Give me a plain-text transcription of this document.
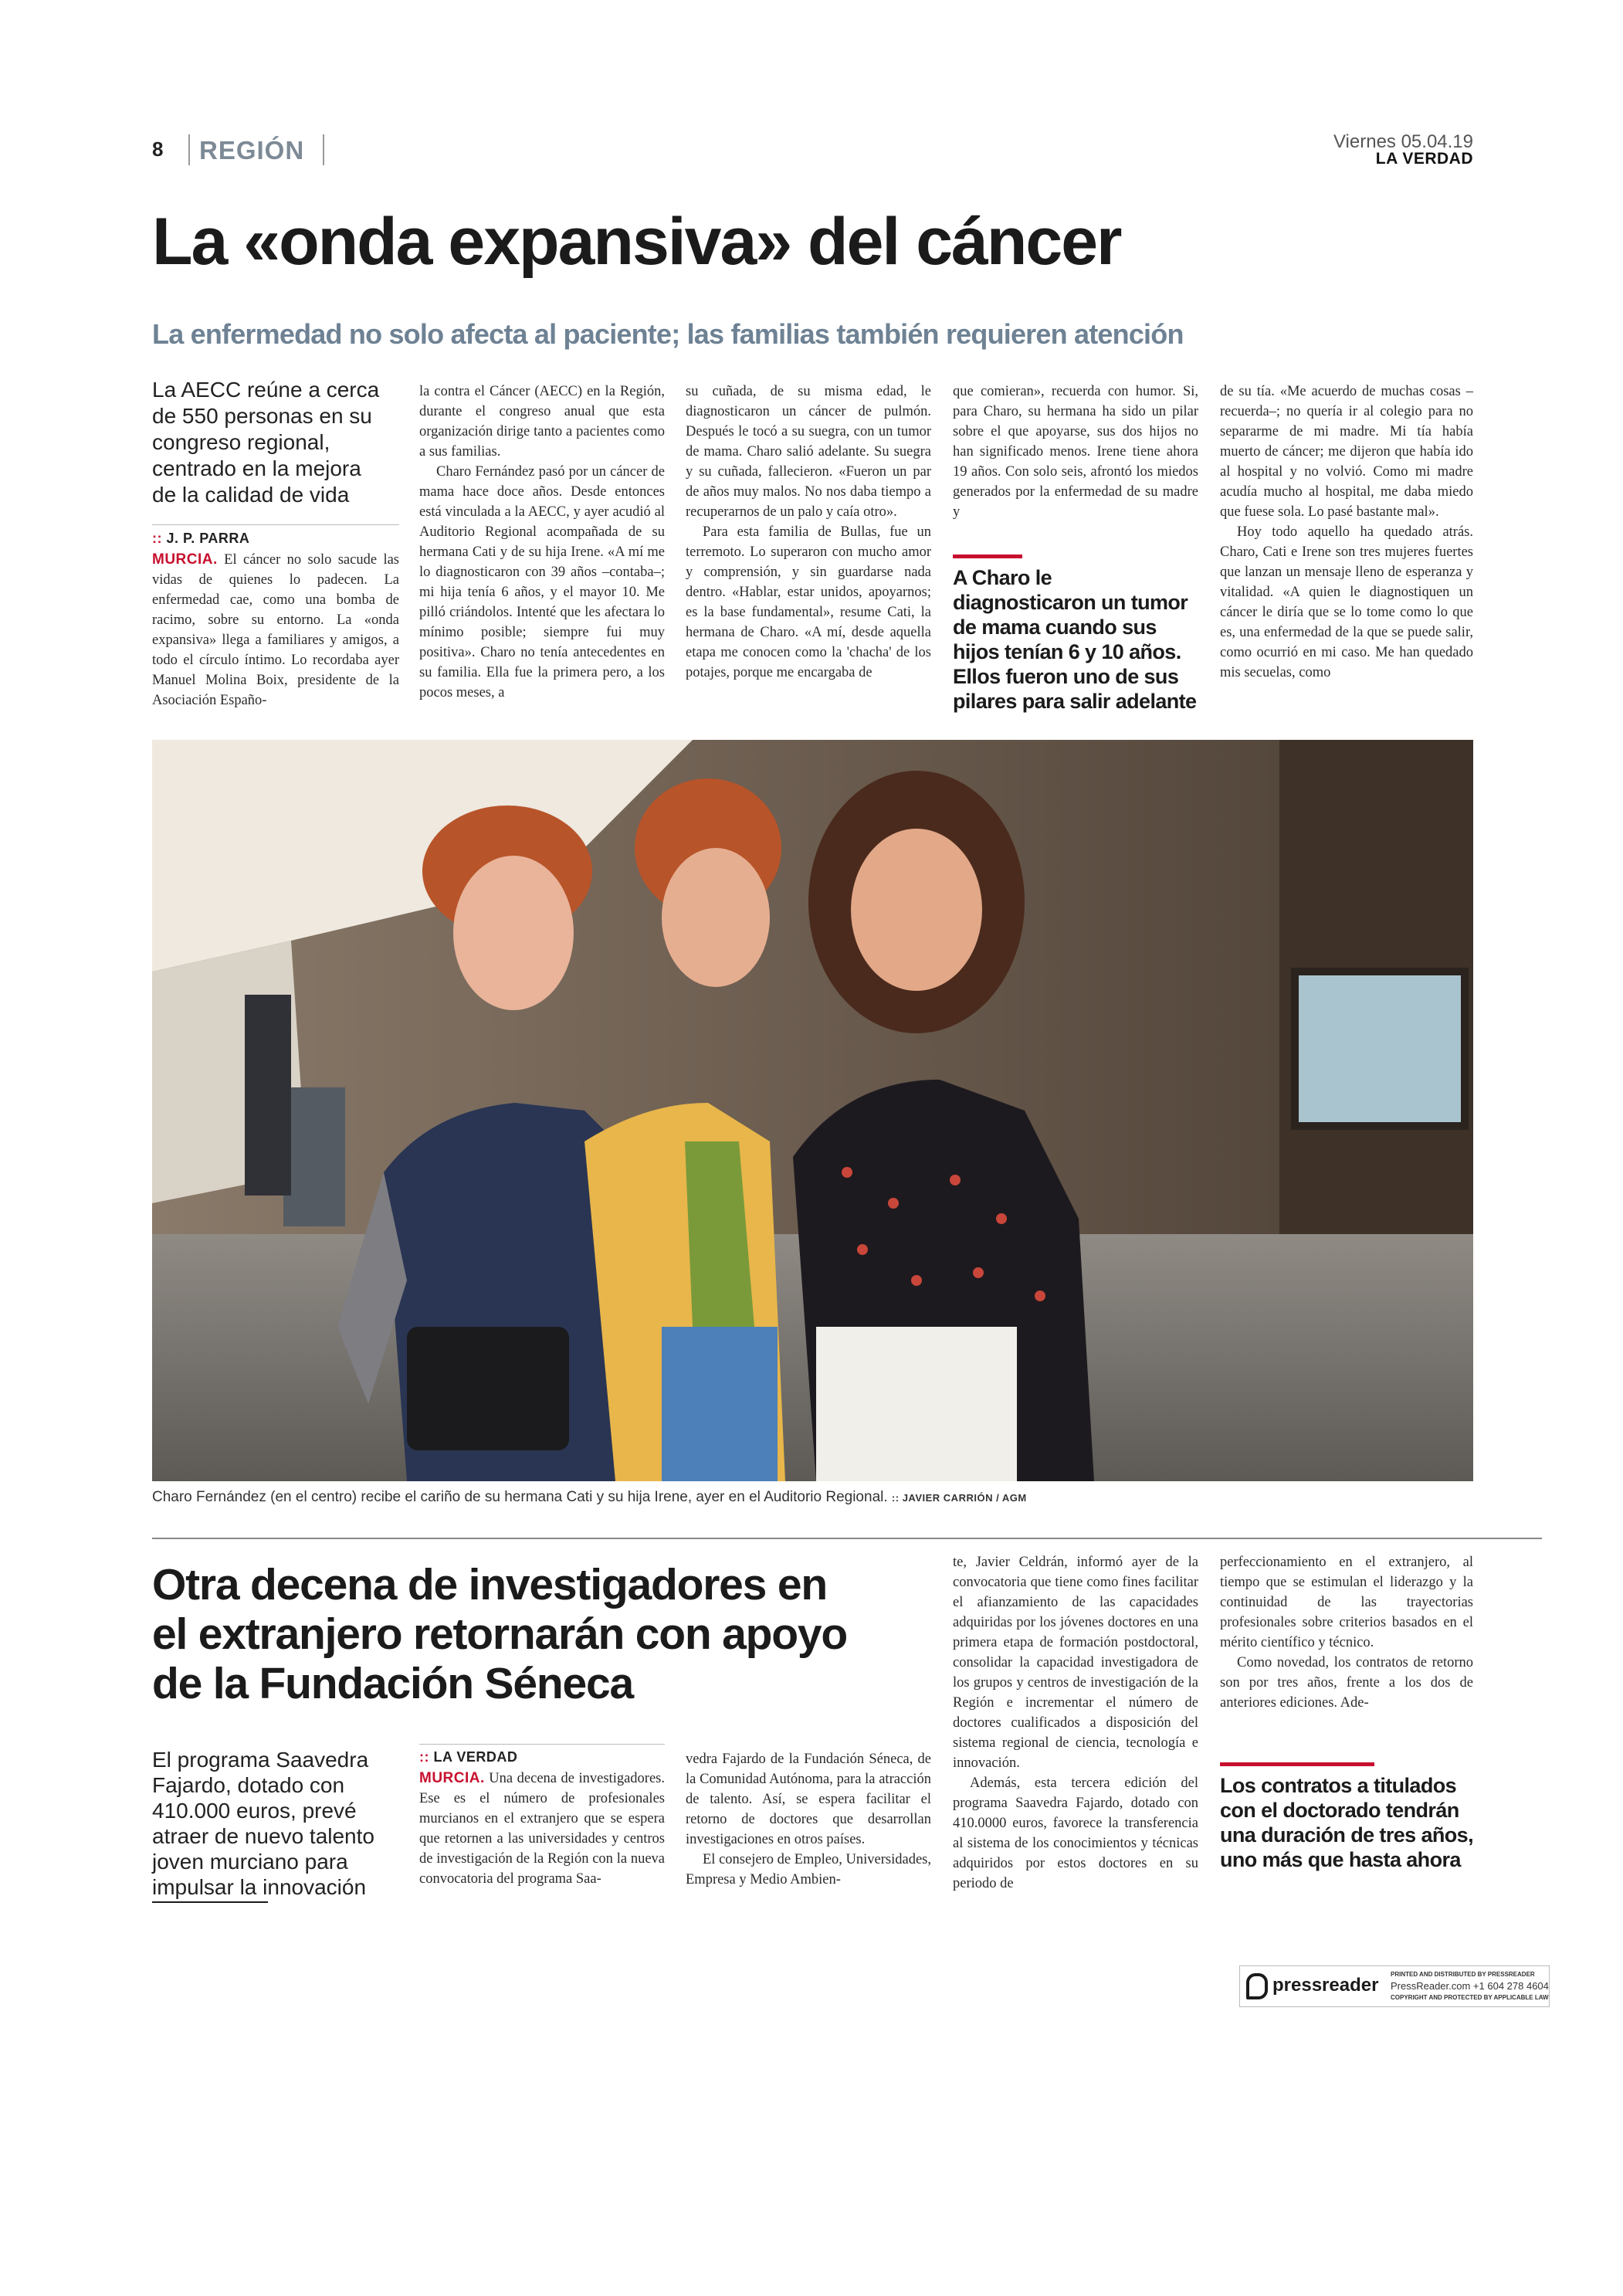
8 REGIÓN	Viernes 05.04.19
LA VERDAD
La «onda expansiva» del cáncer
La enfermedad no solo afecta al paciente; las familias también requieren atención
La AECC reúne a cerca de 550 personas en su congreso regional, centrado en la mejora de la calidad de vida
:: J. P. PARRA

MURCIA. El cáncer no solo sacude las vidas de quienes lo padecen. La enfermedad cae, como una bomba de racimo, sobre su entorno. La «onda expansiva» llega a familiares y amigos, a todo el círculo íntimo. Lo recordaba ayer Manuel Molina Boix, presidente de la Asociación Españo-

la contra el Cáncer (AECC) en la Región, durante el congreso anual que esta organización dirige tanto a pacientes como a sus familias.

Charo Fernández pasó por un cáncer de mama hace doce años. Desde entonces está vinculada a la AECC, y ayer acudió al Auditorio Regional acompañada de su hermana Cati y de su hija Irene. «A mí me lo diagnosticaron con 39 años –contaba–; mi hija tenía 6 años, y el mayor 10. Me pilló criándolos. Intenté que les afectara lo mínimo posible; siempre fui muy positiva». Charo no tenía antecedentes en su familia. Ella fue la primera pero, a los pocos meses, a

su cuñada, de su misma edad, le diagnosticaron un cáncer de pulmón. Después le tocó a su suegra, con un tumor de mama. Charo salió adelante. Su suegra y su cuñada, fallecieron. «Fueron un par de años muy malos. No nos daba tiempo a recuperarnos de un palo y caía otro».

Para esta familia de Bullas, fue un terremoto. Lo superaron con mucho amor y comprensión, y sin guardarse nada dentro. «Hablar, estar unidos, apoyarnos; es la base fundamental», resume Cati, la hermana de Charo. «A mí, desde aquella etapa me conocen como la 'chacha' de los potajes, porque me encargaba de

que comieran», recuerda con humor. Si, para Charo, su hermana ha sido un pilar sobre el que apoyarse, sus dos hijos no han significado menos. Irene tiene ahora 19 años. Con solo seis, afrontó los miedos generados por la enfermedad de su madre y

A Charo le diagnosticaron un tumor de mama cuando sus hijos tenían 6 y 10 años. Ellos fueron uno de sus pilares para salir adelante

de su tía. «Me acuerdo de muchas cosas –recuerda–; no quería ir al colegio para no separarme de mi madre. Mi tía había muerto de cáncer; me dijeron que había ido al hospital y no volvió. Como mi madre acudía mucho al hospital, me daba miedo que fuese sola. Lo pasé bastante mal».

Hoy todo aquello ha quedado atrás. Charo, Cati e Irene son tres mujeres fuertes que lanzan un mensaje lleno de esperanza y vitalidad. «A quien le diagnostiquen un cáncer le diría que se lo tome como lo que es, una enfermedad de la que se puede salir, como ocurrió en mi caso. Me han quedado mis secuelas, como

Charo Fernández (en el centro) recibe el cariño de su hermana Cati y su hija Irene, ayer en el Auditorio Regional. :: JAVIER CARRIÓN / AGM
Otra decena de investigadores en el extranjero retornarán con apoyo de la Fundación Séneca
El programa Saavedra Fajardo, dotado con 410.000 euros, prevé atraer de nuevo talento joven murciano para impulsar la innovación
:: LA VERDAD

MURCIA. Una decena de investigadores. Ese es el número de profesionales murcianos en el extranjero que se espera que retornen a las universidades y centros de investigación de la Región con la nueva convocatoria del programa Saa-

vedra Fajardo de la Fundación Séneca, de la Comunidad Autónoma, para la atracción de talento. Así, se espera facilitar el retorno de doctores que desarrollan investigaciones en otros países.

El consejero de Empleo, Universidades, Empresa y Medio Ambien-

te, Javier Celdrán, informó ayer de la convocatoria que tiene como fines facilitar el afianzamiento de las capacidades adquiridas por los jóvenes doctores en una primera etapa de formación postdoctoral, consolidar la capacidad investigadora de los grupos y centros de investigación de la Región e incrementar el número de doctores cualificados a disposición del sistema regional de ciencia, tecnología e innovación.

Además, esta tercera edición del programa Saavedra Fajardo, dotado con 410.0000 euros, favorece la transferencia al sistema de los conocimientos y técnicas adquiridos por estos doctores en su periodo de

perfeccionamiento en el extranjero, al tiempo que se estimulan el liderazgo y la continuidad de las trayectorias profesionales sobre criterios basados en el mérito científico y técnico.

Como novedad, los contratos de retorno son por tres años, frente a los dos de anteriores ediciones. Ade-

Los contratos a titulados con el doctorado tendrán una duración de tres años, uno más que hasta ahora
pressreader
PRINTED AND DISTRIBUTED BY PRESSREADER
PressReader.com +1 604 278 4604
COPYRIGHT AND PROTECTED BY APPLICABLE LAW
